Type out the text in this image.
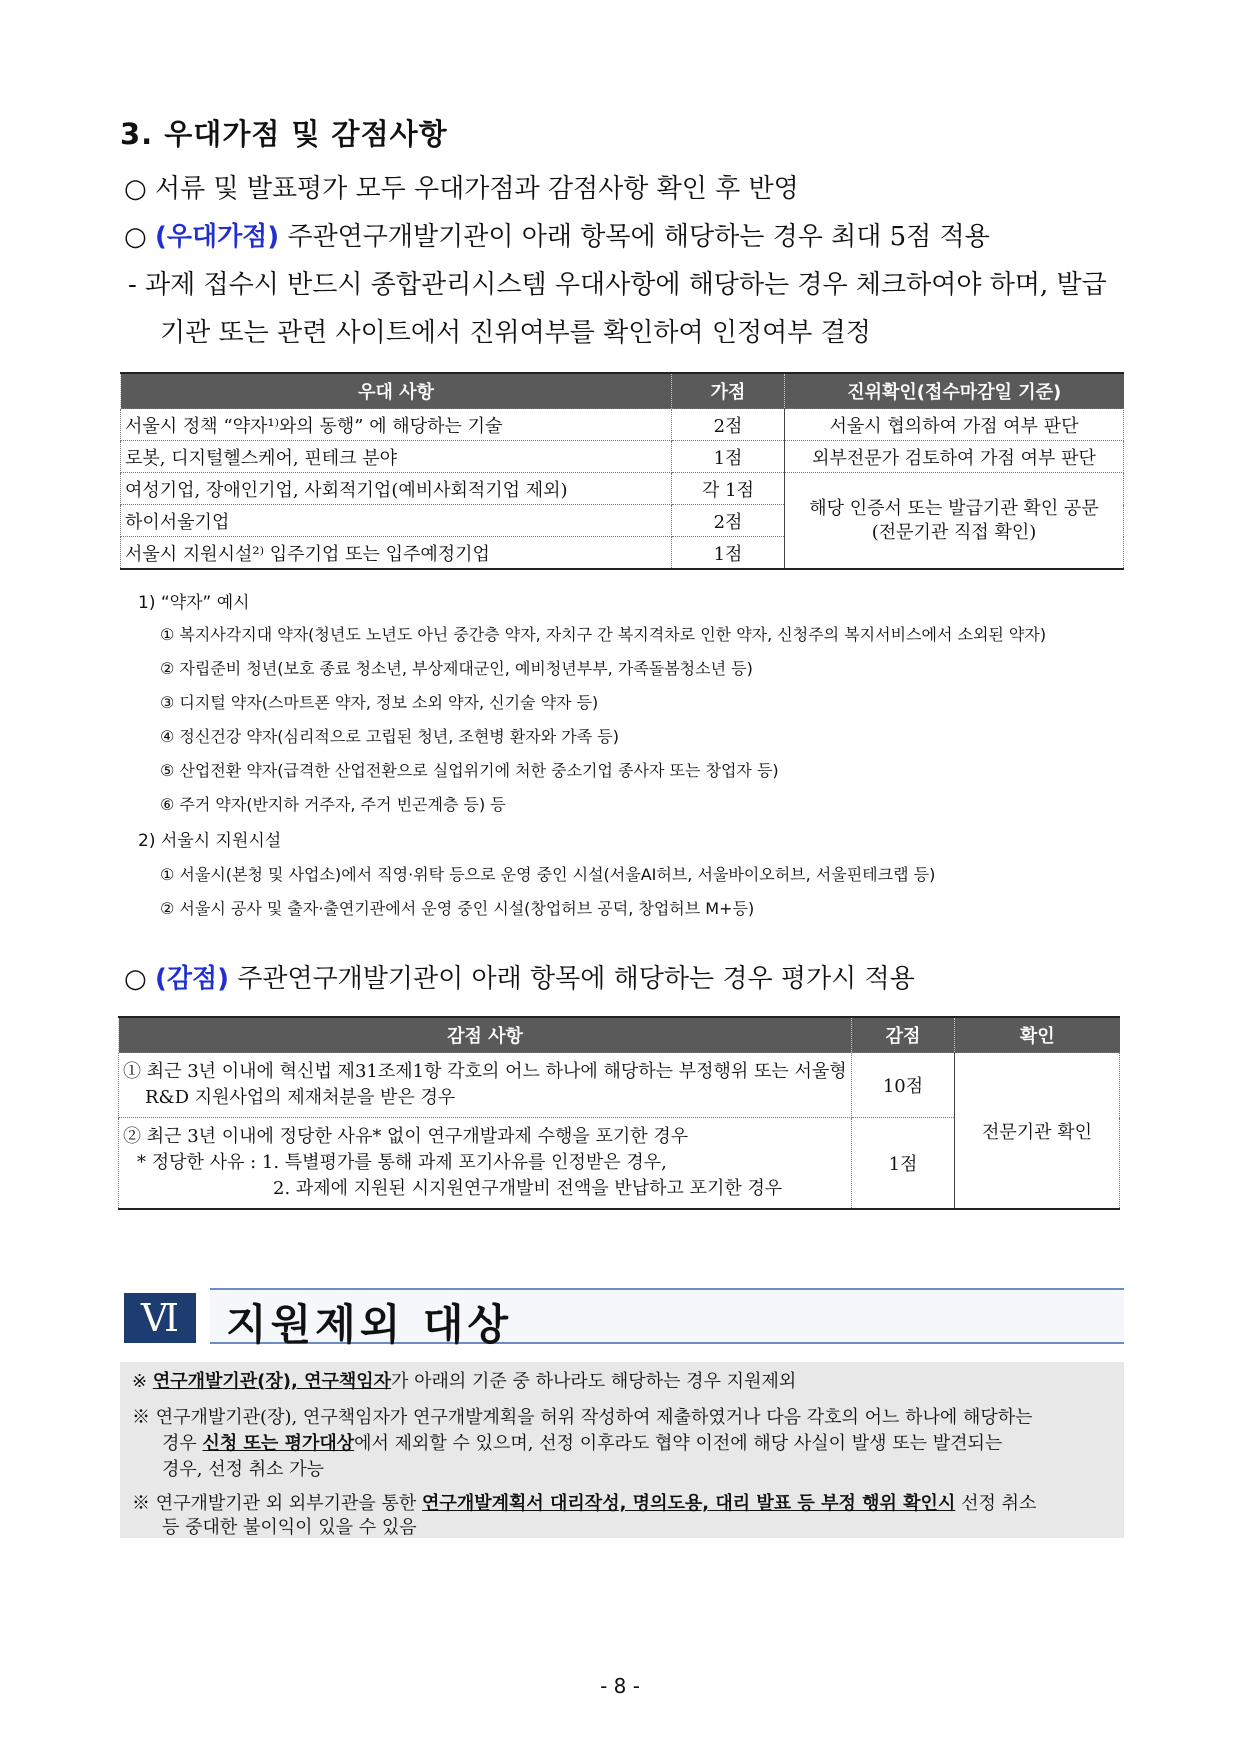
3. 우대가점 및 감점사항
○ 서류 및 발표평가 모두 우대가점과 감점사항 확인 후 반영
○ (우대가점) 주관연구개발기관이 아래 항목에 해당하는 경우 최대 5점 적용
- 과제 접수시 반드시 종합관리시스템 우대사항에 해당하는 경우 체크하여야 하며, 발급
기관 또는 관련 사이트에서 진위여부를 확인하여 인정여부 결정
우대 사항	가점	진위확인(접수마감일 기준)
서울시 정책 “약자¹⁾와의 동행” 에 해당하는 기술	2점	서울시 협의하여 가점 여부 판단
로봇, 디지털헬스케어, 핀테크 분야	1점	외부전문가 검토하여 가점 여부 판단
여성기업, 장애인기업, 사회적기업(예비사회적기업 제외)	각 1점	해당 인증서 또는 발급기관 확인 공문
(전문기관 직접 확인)

하이서울기업	2점	
서울시 지원시설²⁾ 입주기업 또는 입주예정기업	1점	
1) “약자” 예시
① 복지사각지대 약자(청년도 노년도 아닌 중간층 약자, 자치구 간 복지격차로 인한 약자, 신청주의 복지서비스에서 소외된 약자)
② 자립준비 청년(보호 종료 청소년, 부상제대군인, 예비청년부부, 가족돌봄청소년 등)
③ 디지털 약자(스마트폰 약자, 정보 소외 약자, 신기술 약자 등)
④ 정신건강 약자(심리적으로 고립된 청년, 조현병 환자와 가족 등)
⑤ 산업전환 약자(급격한 산업전환으로 실업위기에 처한 중소기업 종사자 또는 창업자 등)
⑥ 주거 약자(반지하 거주자, 주거 빈곤계층 등) 등
2) 서울시 지원시설
① 서울시(본청 및 사업소)에서 직영·위탁 등으로 운영 중인 시설(서울AI허브, 서울바이오허브, 서울핀테크랩 등)
② 서울시 공사 및 출자·출연기관에서 운영 중인 시설(창업허브 공덕, 창업허브 M+등)
○ (감점) 주관연구개발기관이 아래 항목에 해당하는 경우 평가시 적용
감점 사항	감점	확인

① 최근 3년 이내에 혁신법 제31조제1항 각호의 어느 하나에 해당하는 부정행위 또는 서울형
R&D 지원사업의 제재처분을 받은 경우	10점	전문기관 확인

② 최근 3년 이내에 정당한 사유* 없이 연구개발과제 수행을 포기한 경우
* 정당한 사유 : 1. 특별평가를 통해 과제 포기사유를 인정받은 경우,
2. 과제에 지원된 시지원연구개발비 전액을 반납하고 포기한 경우	1점	
Ⅵ	지원제외 대상
※ 연구개발기관(장), 연구책임자가 아래의 기준 중 하나라도 해당하는 경우 지원제외
※ 연구개발기관(장), 연구책임자가 연구개발계획을 허위 작성하여 제출하였거나 다음 각호의 어느 하나에 해당하는
경우 신청 또는 평가대상에서 제외할 수 있으며, 선정 이후라도 협약 이전에 해당 사실이 발생 또는 발견되는
경우, 선정 취소 가능
※ 연구개발기관 외 외부기관을 통한 연구개발계획서 대리작성, 명의도용, 대리 발표 등 부정 행위 확인시 선정 취소
등 중대한 불이익이 있을 수 있음
- 8 -
